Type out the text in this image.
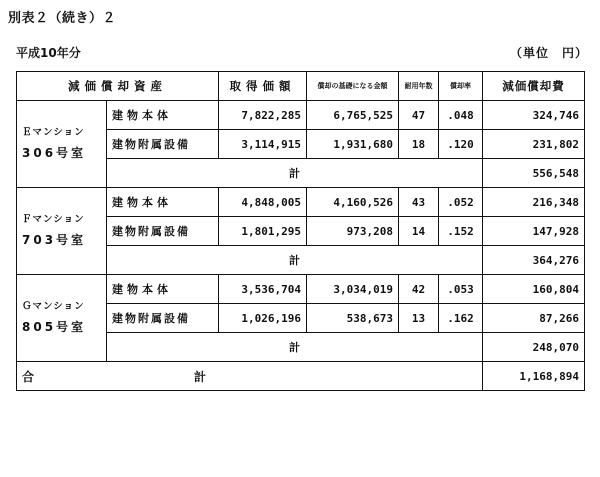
別表２（続き）２
平成10年分	（単位　円）
減価償却資産		取得価額	償却の基礎になる金額	耐用年数	償却率	減価償却費

Ｅマンション
306号室	建物本体	7,822,285	6,765,525	47	.048	324,746
	建物附属設備	3,114,915	1,931,680	18	.120	231,802
	計					556,548

Ｆマンション
703号室	建物本体	4,848,005	4,160,526	43	.052	216,348
	建物附属設備	1,801,295	973,208	14	.152	147,928
	計					364,276

Ｇマンション
805号室	建物本体	3,536,704	3,034,019	42	.053	160,804
	建物附属設備	1,026,196	538,673	13	.162	87,266
	計					248,070
合 計						1,168,894
